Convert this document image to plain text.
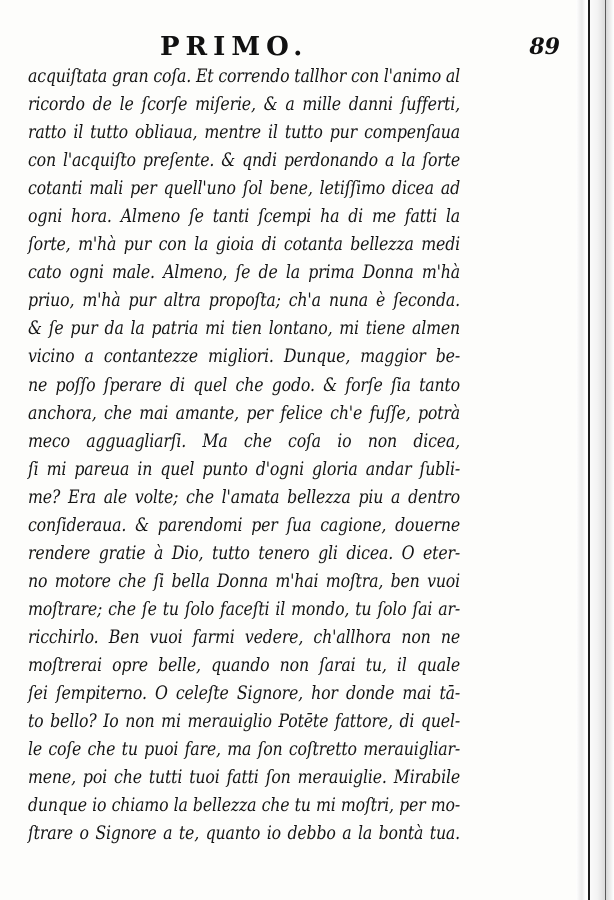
PRIMO.	89
acquiſtata gran coſa. Et correndo tallhor con l'animo al
ricordo de le ſcorſe miſerie, & a mille danni ſufferti,
ratto il tutto obliaua, mentre il tutto pur compenſaua
con l'acquiſto preſente. & qndi perdonando a la ſorte
cotanti mali per quell'uno ſol bene, letiſſimo dicea ad
ogni hora. Almeno ſe tanti ſcempi ha di me fatti la
ſorte, m'hà pur con la gioia di cotanta bellezza medi
cato ogni male. Almeno, ſe de la prima Donna m'hà
priuo, m'hà pur altra propoſta; ch'a nuna è ſeconda.
& ſe pur da la patria mi tien lontano, mi tiene almen
vicino a contantezze migliori. Dunque, maggior be-
ne poſſo ſperare di quel che godo. & forſe ſia tanto
anchora, che mai amante, per felice ch'e fuſſe, potrà
meco agguagliarſi. Ma che coſa io non dicea,
ſi mi pareua in quel punto d'ogni gloria andar ſubli-
me? Era ale volte; che l'amata bellezza piu a dentro
conſideraua. & parendomi per ſua cagione, douerne
rendere gratie à Dio, tutto tenero gli dicea. O eter-
no motore che ſi bella Donna m'hai moſtra, ben vuoi
moſtrare; che ſe tu ſolo faceſti il mondo, tu ſolo ſai ar-
ricchirlo. Ben vuoi farmi vedere, ch'allhora non ne
moſtrerai opre belle, quando non ſarai tu, il quale
ſei ſempiterno. O celeſte Signore, hor donde mai tā-
to bello? Io non mi merauiglio Potēte fattore, di quel-
le coſe che tu puoi fare, ma ſon coſtretto merauigliar-
mene, poi che tutti tuoi fatti ſon merauiglie. Mirabile
dunque io chiamo la bellezza che tu mi moſtri, per mo-
ſtrare o Signore a te, quanto io debbo a la bontà tua.
